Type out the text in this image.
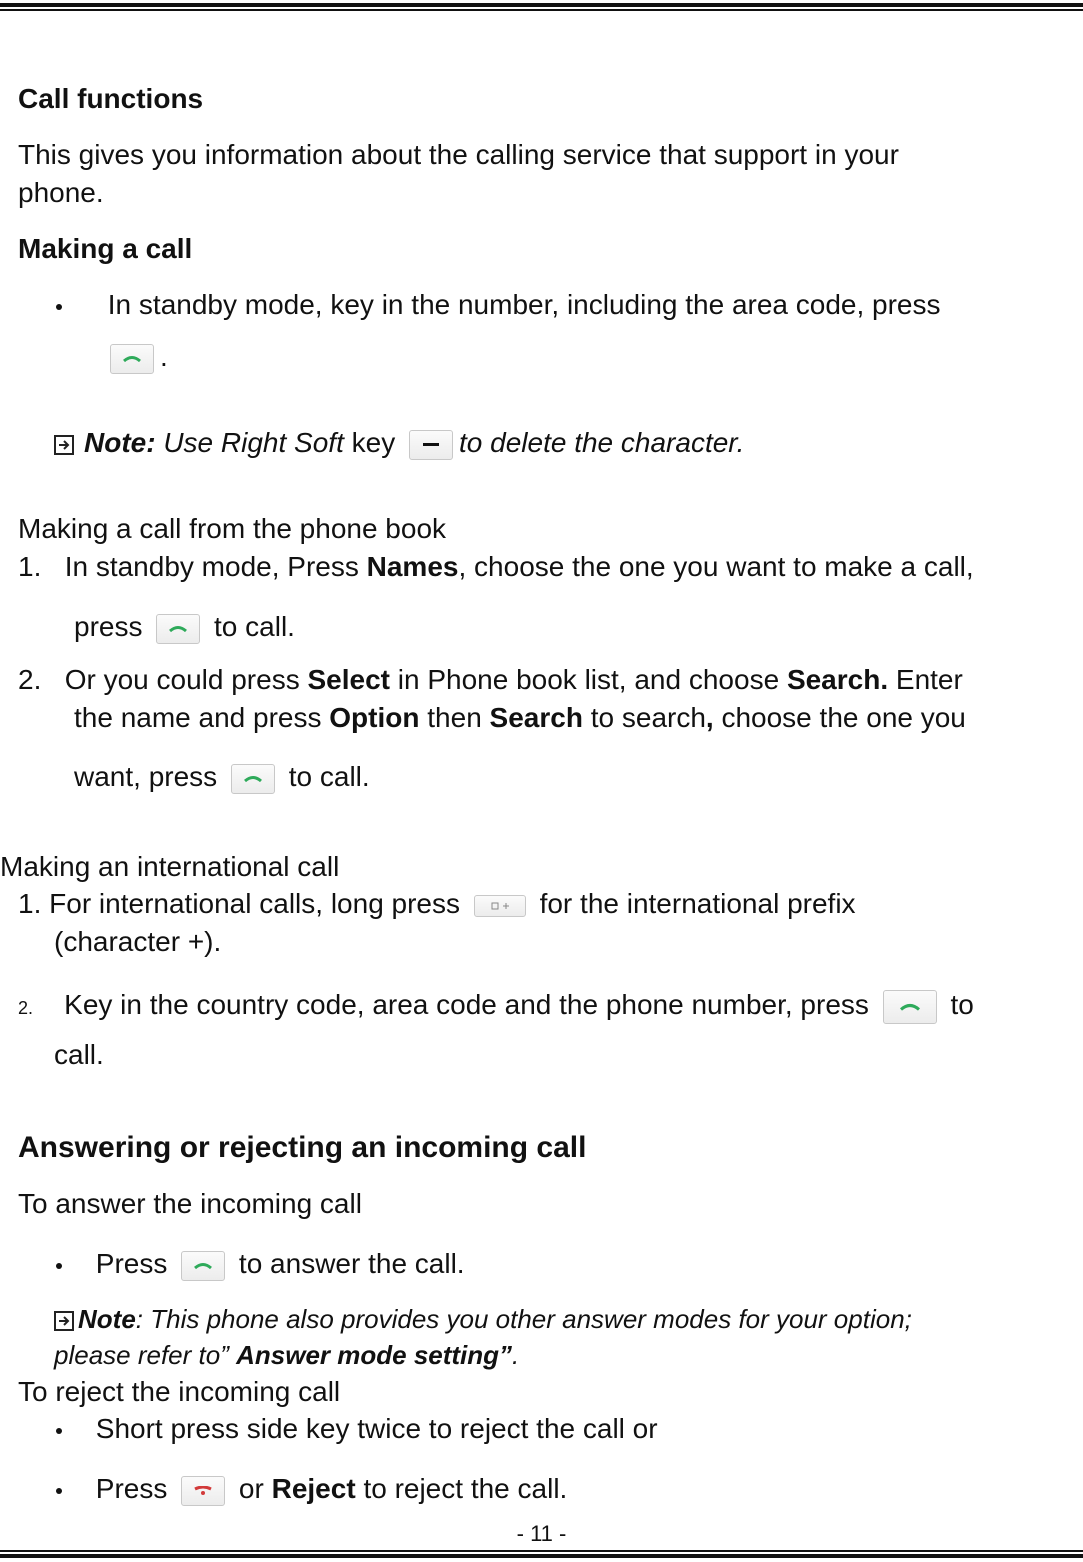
Call functions
This gives you information about the calling service that support in your
phone.
Making a call
In standby mode, key in the number, including the area code, press
.
Note: Use Right Soft key to delete the character.
Making a call from the phone book
1. In standby mode, Press Names, choose the one you want to make a call,
press	to call.
2. Or you could press Select in Phone book list, and choose Search. Enter
the name and press Option then Search to search, choose the one you
want, press	to call.
Making an international call
1. For international calls, long press	for the international prefix
(character +).
2. Key in the country code, area code and the phone number, press	to
call.
Answering or rejecting an incoming call
To answer the incoming call
Press	to answer the call.
Note: This phone also provides you other answer modes for your option;
please refer to” Answer mode setting”.
To reject the incoming call
Short press side key twice to reject the call or
Press	or Reject to reject the call.
- 11 -
